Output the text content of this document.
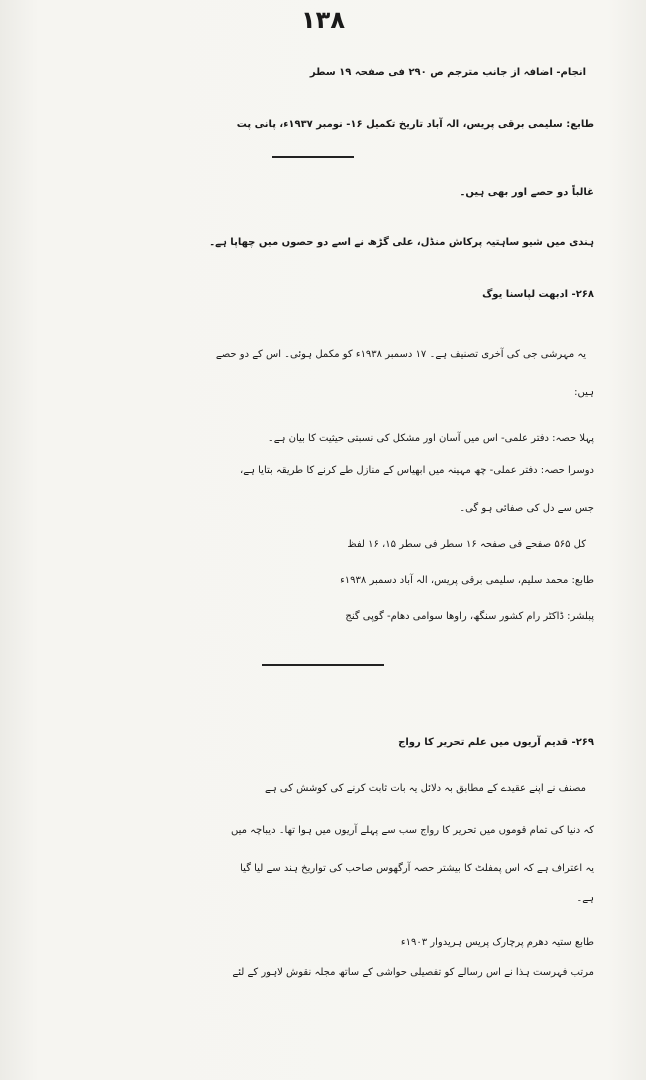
۱۳۸
انجام- اضافہ از جانب مترجم ص ۲۹۰ فی صفحہ ۱۹ سطر
طابع: سلیمی برقی پریس، الہ آباد تاریخ تکمیل ۱۶- نومبر ۱۹۳۷ء، پانی پت
غالباً دو حصے اور بھی ہیں۔
ہندی میں شیو ساہتیہ پرکاش منڈل، علی گڑھ نے اسے دو حصوں میں چھاپا ہے۔
۲۶۸- ادبھت لپاسنا یوگ
یہ مہرشی جی کی آخری تصنیف ہے۔ ۱۷ دسمبر ۱۹۳۸ء کو مکمل ہوئی۔ اس کے دو حصے
ہیں:
پہلا حصہ: دفتر علمی- اس میں آسان اور مشکل کی نسبتی حیثیت کا بیان ہے۔
دوسرا حصہ: دفتر عملی- چھ مہینہ میں ابھیاس کے منازل طے کرنے کا طریقہ بتایا ہے،
جس سے دل کی صفائی ہو گی۔
کل ۵۶۵ صفحے فی صفحہ ۱۶ سطر فی سطر ۱۵، ۱۶ لفظ
طابع: محمد سلیم، سلیمی برقی پریس، الہ آباد دسمبر ۱۹۳۸ء
پبلشر: ڈاکٹر رام کشور سنگھ، راوھا سوامی دھام- گوپی گنج
۲۶۹- قدیم آریوں میں علم تحریر کا رواج
مصنف نے اپنے عقیدے کے مطابق بہ دلائل یہ بات ثابت کرنے کی کوشش کی ہے
کہ دنیا کی تمام قوموں میں تحریر کا رواج سب سے پہلے آریوں میں ہوا تھا۔ دیباچہ میں
یہ اعتراف ہے کہ اس پمفلٹ کا بیشتر حصہ آرگھوس صاحب کی تواریخ ہند سے لیا گیا
ہے۔
طابع ستیہ دھرم پرچارک پریس ہریدوار ۱۹۰۳ء
مرتب فہرست ہذا نے اس رسالے کو تفصیلی حواشی کے ساتھ مجلہ نقوش لاہور کے لئے
